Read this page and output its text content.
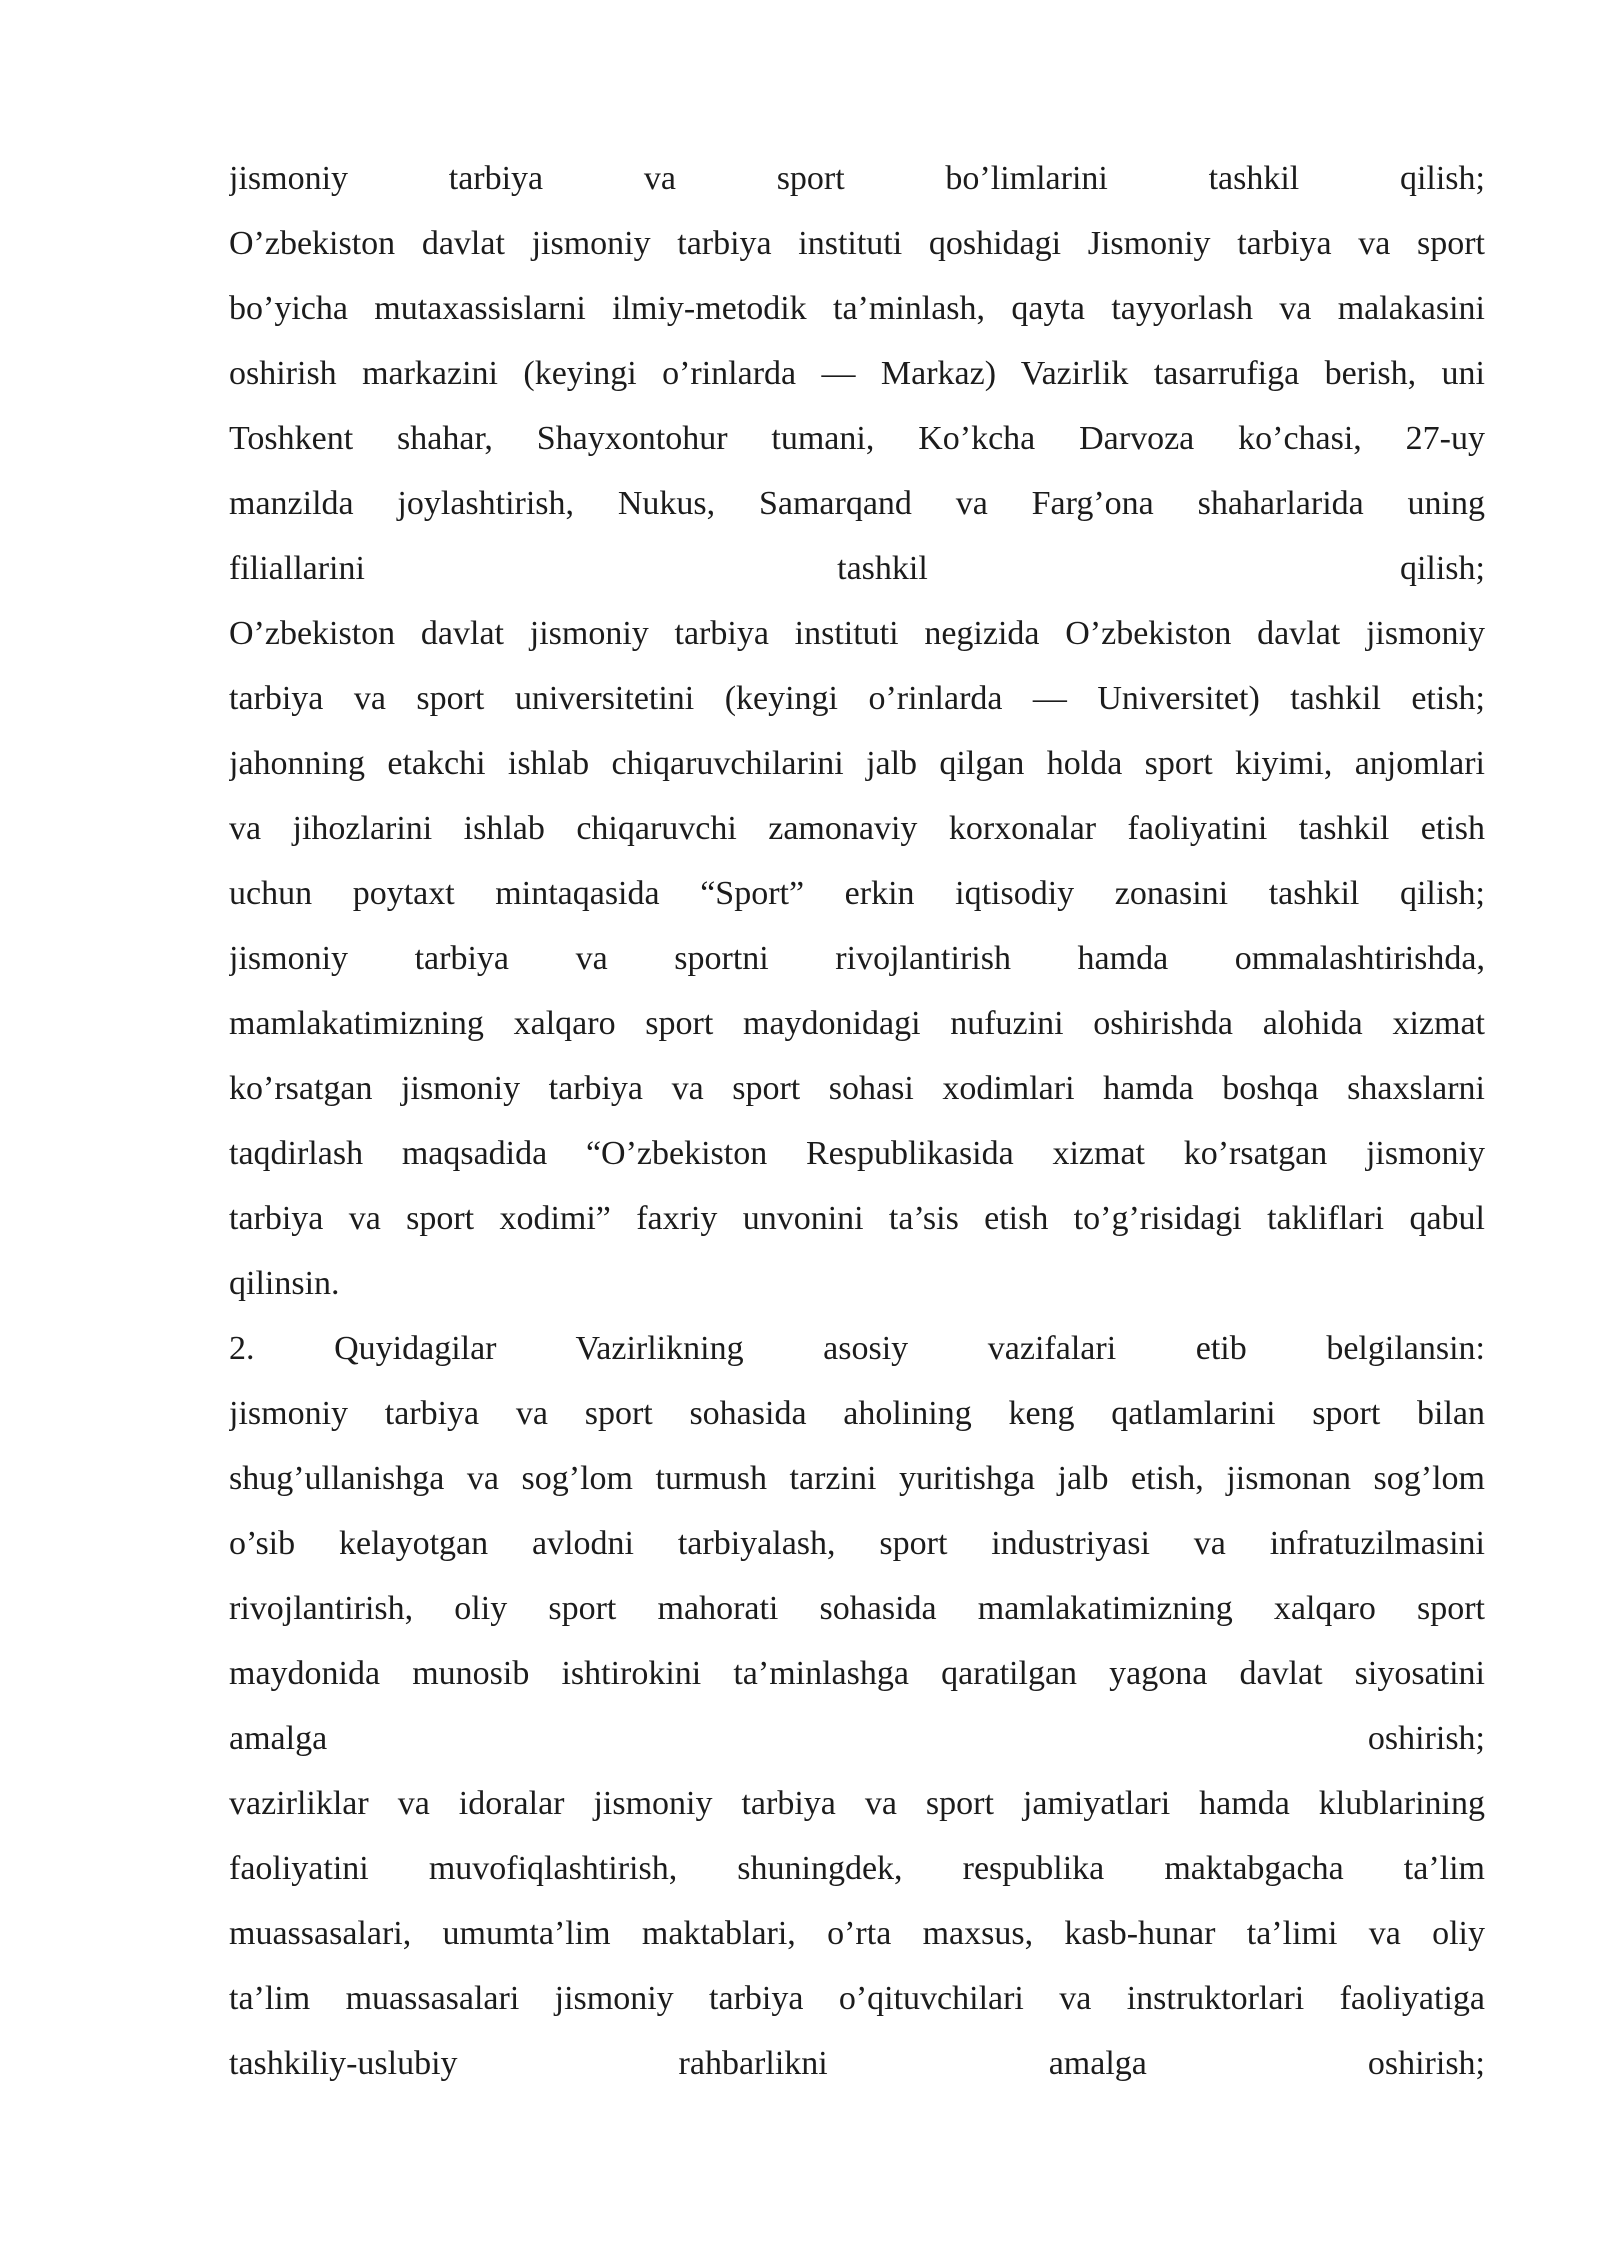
jismoniy tarbiya va sport bo’limlarini tashkil qilish;
O’zbekiston davlat jismoniy tarbiya instituti qoshidagi Jismoniy tarbiya va sport
bo’yicha mutaxassislarni ilmiy-metodik ta’minlash, qayta tayyorlash va malakasini
oshirish markazini (keyingi o’rinlarda — Markaz) Vazirlik tasarrufiga berish, uni
Toshkent shahar, Shayxontohur tumani, Ko’kcha Darvoza ko’chasi, 27-uy
manzilda joylashtirish, Nukus, Samarqand va Farg’ona shaharlarida uning
filiallarini tashkil qilish;
O’zbekiston davlat jismoniy tarbiya instituti negizida O’zbekiston davlat jismoniy
tarbiya va sport universitetini (keyingi o’rinlarda — Universitet) tashkil etish;
jahonning etakchi ishlab chiqaruvchilarini jalb qilgan holda sport kiyimi, anjomlari
va jihozlarini ishlab chiqaruvchi zamonaviy korxonalar faoliyatini tashkil etish
uchun poytaxt mintaqasida “Sport” erkin iqtisodiy zonasini tashkil qilish;
jismoniy tarbiya va sportni rivojlantirish hamda ommalashtirishda,
mamlakatimizning xalqaro sport maydonidagi nufuzini oshirishda alohida xizmat
ko’rsatgan jismoniy tarbiya va sport sohasi xodimlari hamda boshqa shaxslarni
taqdirlash maqsadida “O’zbekiston Respublikasida xizmat ko’rsatgan jismoniy
tarbiya va sport xodimi” faxriy unvonini ta’sis etish to’g’risidagi takliflari qabul
qilinsin.
2. Quyidagilar Vazirlikning asosiy vazifalari etib belgilansin:
jismoniy tarbiya va sport sohasida aholining keng qatlamlarini sport bilan
shug’ullanishga va sog’lom turmush tarzini yuritishga jalb etish, jismonan sog’lom
o’sib kelayotgan avlodni tarbiyalash, sport industriyasi va infratuzilmasini
rivojlantirish, oliy sport mahorati sohasida mamlakatimizning xalqaro sport
maydonida munosib ishtirokini ta’minlashga qaratilgan yagona davlat siyosatini
amalga oshirish;
vazirliklar va idoralar jismoniy tarbiya va sport jamiyatlari hamda klublarining
faoliyatini muvofiqlashtirish, shuningdek, respublika maktabgacha ta’lim
muassasalari, umumta’lim maktablari, o’rta maxsus, kasb-hunar ta’limi va oliy
ta’lim muassasalari jismoniy tarbiya o’qituvchilari va instruktorlari faoliyatiga
tashkiliy-uslubiy rahbarlikni amalga oshirish;
